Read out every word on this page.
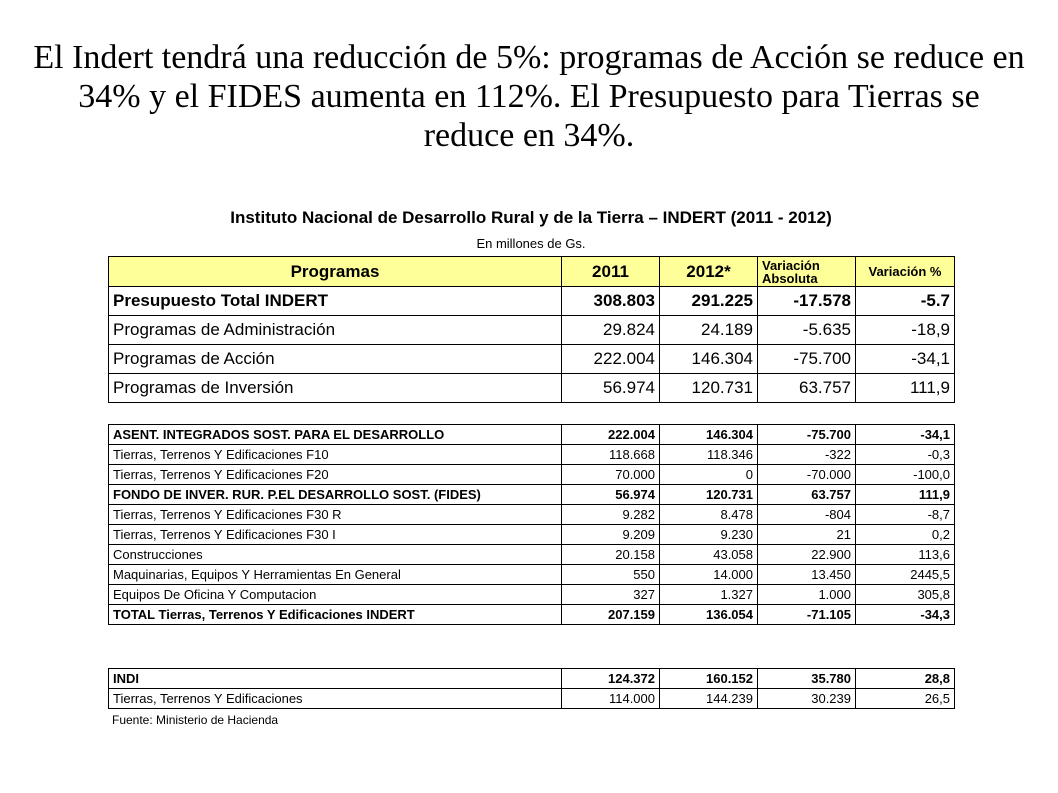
El Indert tendrá una reducción de 5%: programas de Acción se reduce en 34% y el FIDES aumenta en 112%. El Presupuesto para Tierras se reduce en 34%.
Instituto Nacional de Desarrollo Rural y de la Tierra – INDERT (2011 - 2012)
En millones de Gs.
Programas	2011	2012*	Variación Absoluta	Variación %
Presupuesto Total INDERT	308.803	291.225	-17.578	-5.7
Programas de Administración	29.824	24.189	-5.635	-18,9
Programas de Acción	222.004	146.304	-75.700	-34,1
Programas de Inversión	56.974	120.731	63.757	111,9
ASENT. INTEGRADOS SOST. PARA EL DESARROLLO	222.004	146.304	-75.700	-34,1
Tierras, Terrenos Y Edificaciones F10	118.668	118.346	-322	-0,3
Tierras, Terrenos Y Edificaciones F20	70.000	0	-70.000	-100,0
FONDO DE INVER. RUR. P.EL DESARROLLO SOST. (FIDES)	56.974	120.731	63.757	111,9
Tierras, Terrenos Y Edificaciones F30 R	9.282	8.478	-804	-8,7
Tierras, Terrenos Y Edificaciones F30 I	9.209	9.230	21	0,2
Construcciones	20.158	43.058	22.900	113,6
Maquinarias, Equipos Y Herramientas En General	550	14.000	13.450	2445,5
Equipos De Oficina Y Computacion	327	1.327	1.000	305,8
TOTAL Tierras, Terrenos Y Edificaciones INDERT	207.159	136.054	-71.105	-34,3
INDI	124.372	160.152	35.780	28,8
Tierras, Terrenos Y Edificaciones	114.000	144.239	30.239	26,5
Fuente: Ministerio de Hacienda
